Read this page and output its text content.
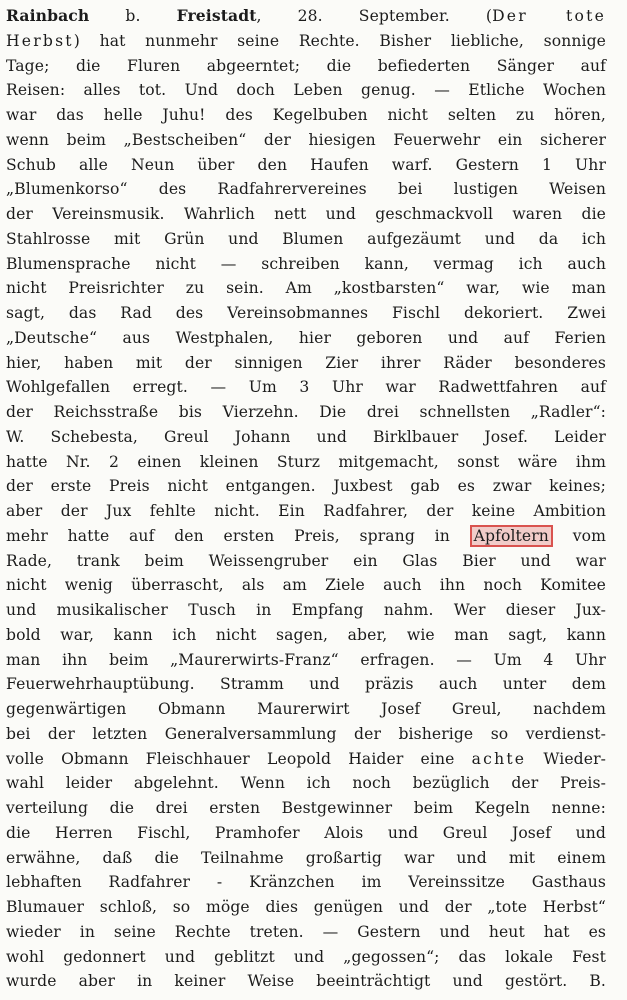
Rainbach b. Freistadt, 28. September. (Der tote
Herbst) hat nunmehr seine Rechte. Bisher liebliche, sonnige
Tage; die Fluren abgeerntet; die befiederten Sänger auf
Reisen: alles tot. Und doch Leben genug. — Etliche Wochen
war das helle Juhu! des Kegelbuben nicht selten zu hören,
wenn beim „Bestscheiben“ der hiesigen Feuerwehr ein sicherer
Schub alle Neun über den Haufen warf. Gestern 1 Uhr
„Blumenkorso“ des Radfahrervereines bei lustigen Weisen
der Vereinsmusik. Wahrlich nett und geschmackvoll waren die
Stahlrosse mit Grün und Blumen aufgezäumt und da ich
Blumensprache nicht — schreiben kann, vermag ich auch
nicht Preisrichter zu sein. Am „kostbarsten“ war, wie man
sagt, das Rad des Vereinsobmannes Fischl dekoriert. Zwei
„Deutsche“ aus Westphalen, hier geboren und auf Ferien
hier, haben mit der sinnigen Zier ihrer Räder besonderes
Wohlgefallen erregt. — Um 3 Uhr war Radwettfahren auf
der Reichsstraße bis Vierzehn. Die drei schnellsten „Radler“:
W. Schebesta, Greul Johann und Birklbauer Josef. Leider
hatte Nr. 2 einen kleinen Sturz mitgemacht, sonst wäre ihm
der erste Preis nicht entgangen. Juxbest gab es zwar keines;
aber der Jux fehlte nicht. Ein Radfahrer, der keine Ambition
mehr hatte auf den ersten Preis, sprang in Apfoltern vom
Rade, trank beim Weissengruber ein Glas Bier und war
nicht wenig überrascht, als am Ziele auch ihn noch Komitee
und musikalischer Tusch in Empfang nahm. Wer dieser Jux-
bold war, kann ich nicht sagen, aber, wie man sagt, kann
man ihn beim „Maurerwirts-Franz“ erfragen. — Um 4 Uhr
Feuerwehrhauptübung. Stramm und präzis auch unter dem
gegenwärtigen Obmann Maurerwirt Josef Greul, nachdem
bei der letzten Generalversammlung der bisherige so verdienst-
volle Obmann Fleischhauer Leopold Haider eine achte Wieder-
wahl leider abgelehnt. Wenn ich noch bezüglich der Preis-
verteilung die drei ersten Bestgewinner beim Kegeln nenne:
die Herren Fischl, Pramhofer Alois und Greul Josef und
erwähne, daß die Teilnahme großartig war und mit einem
lebhaften Radfahrer - Kränzchen im Vereinssitze Gasthaus
Blumauer schloß, so möge dies genügen und der „tote Herbst“
wieder in seine Rechte treten. — Gestern und heut hat es
wohl gedonnert und geblitzt und „gegossen“; das lokale Fest
wurde aber in keiner Weise beeinträchtigt und gestört. B.
